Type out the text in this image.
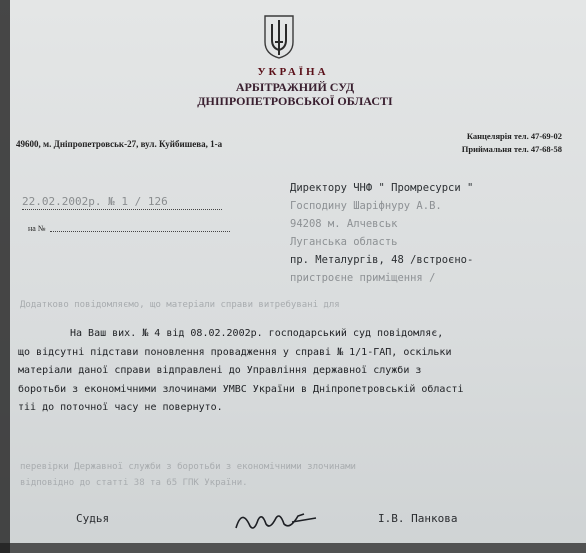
УКРАЇНА
АРБІТРАЖНИЙ СУД
ДНІПРОПЕТРОВСЬКОЇ ОБЛАСТІ
49600, м. Дніпропетровськ-27, вул. Куйбишева, 1-а
Канцелярія тел. 47-69-02
Приймальня тел. 47-68-58
22.02.2002р. № 1 / 126
на №
Директору ЧНФ " Промресурси "
Господину Шаріфнуру А.В.
94208 м. Алчевськ
Луганська область
пр. Металургів, 48 /встроєно-
пристроєне приміщення /
Додатково повідомляємо, що матеріали справи витребувані для
перевірки Державної служби з боротьби з економічними злочинами
відповідно до статті 38 та 65 ГПК України.
На Ваш вих. № 4 від 08.02.2002р. господарський суд повідомляє,
що відсутні підстави поновлення провадження у справі № 1/1-ГАП, оскільки
матеріали даної справи відправлені до Управління державної служби з
боротьби з економічними злочинами УМВС України в Дніпропетровській області
тіі до поточної часу не повернуто.
Судья	І.В. Панкова
